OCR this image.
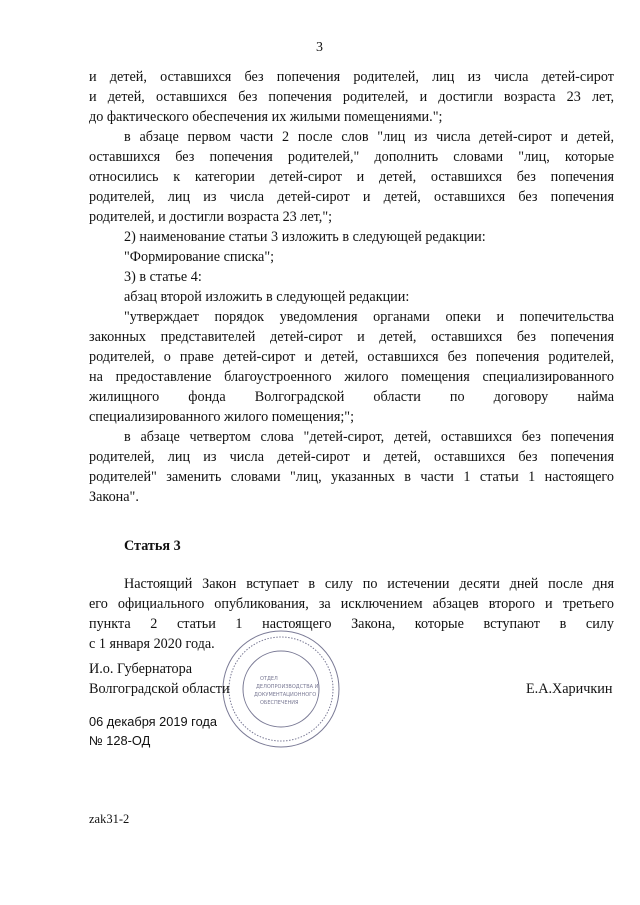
3
и детей, оставшихся без попечения родителей, лиц из числа детей-сирот
и детей, оставшихся без попечения родителей, и достигли возраста 23 лет,
до фактического обеспечения их жилыми помещениями.";
в абзаце первом части 2 после слов "лиц из числа детей-сирот и детей,
оставшихся без попечения родителей," дополнить словами "лиц, которые
относились к категории детей-сирот и детей, оставшихся без попечения
родителей, лиц из числа детей-сирот и детей, оставшихся без попечения
родителей, и достигли возраста 23 лет,";
2) наименование статьи 3 изложить в следующей редакции:
"Формирование списка";
3) в статье 4:
абзац второй изложить в следующей редакции:
"утверждает порядок уведомления органами опеки и попечительства
законных представителей детей-сирот и детей, оставшихся без попечения
родителей, о праве детей-сирот и детей, оставшихся без попечения родителей,
на предоставление благоустроенного жилого помещения специализированного
жилищного фонда Волгоградской области по договору найма
специализированного жилого помещения;";
в абзаце четвертом слова "детей-сирот, детей, оставшихся без попечения
родителей, лиц из числа детей-сирот и детей, оставшихся без попечения
родителей" заменить словами "лиц, указанных в части 1 статьи 1 настоящего
Закона".
Статья 3
Настоящий Закон вступает в силу по истечении десяти дней после дня
его официального опубликования, за исключением абзацев второго и третьего
пункта 2 статьи 1 настоящего Закона, которые вступают в силу
с 1 января 2020 года.
ОТДЕЛ
ДЕЛОПРОИЗВОДСТВА И
ДОКУМЕНТАЦИОННОГО
ОБЕСПЕЧЕНИЯ
И.о. Губернатора
Волгоградской области	Е.А.Харичкин
06 декабря 2019 года
№ 128-ОД
zak31-2
